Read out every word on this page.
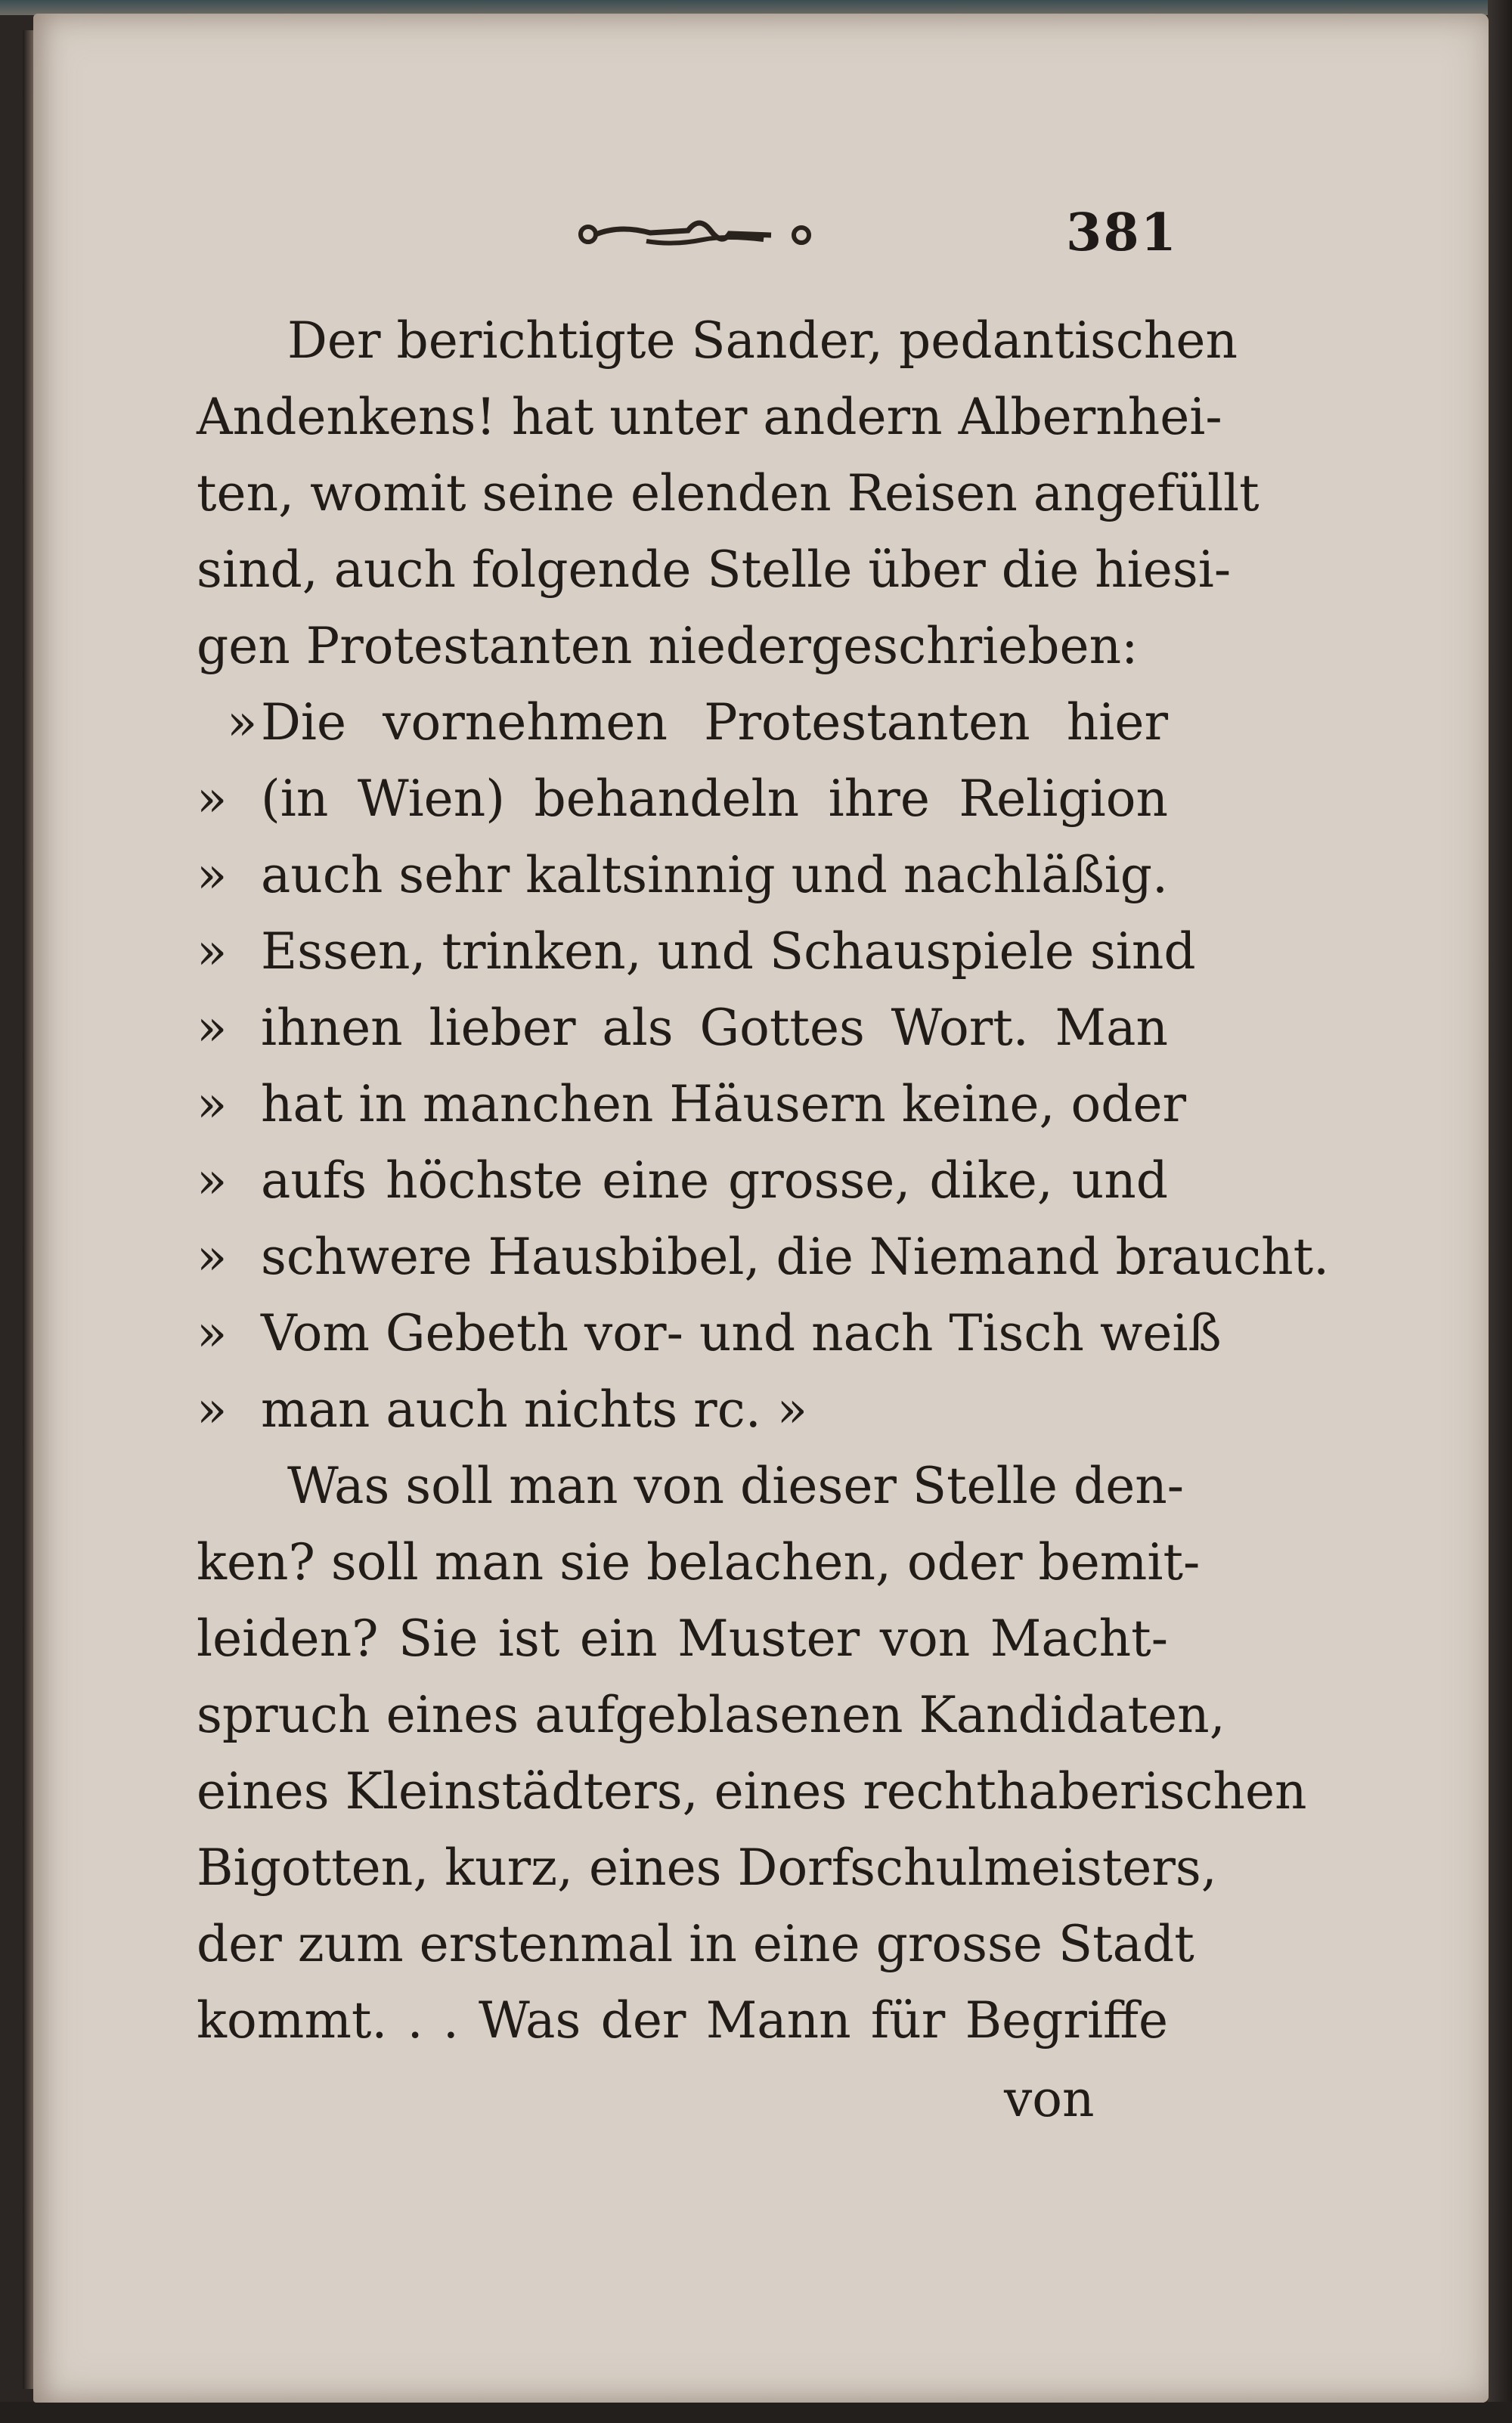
381
Der berichtigte Sander, pedantischen
Andenkens! hat unter andern Albernhei-
ten, womit seine elenden Reisen angefüllt
sind, auch folgende Stelle über die hiesi-
gen Protestanten niedergeschrieben:
» Die vornehmen Protestanten hier
» (in Wien) behandeln ihre Religion
» auch sehr kaltsinnig und nachläßig.
» Essen, trinken, und Schauspiele sind
» ihnen lieber als Gottes Wort. Man
» hat in manchen Häusern keine, oder
» aufs höchste eine grosse, dike, und
» schwere Hausbibel, die Niemand braucht.
» Vom Gebeth vor- und nach Tisch weiß
» man auch nichts rc. »
Was soll man von dieser Stelle den-
ken? soll man sie belachen, oder bemit-
leiden? Sie ist ein Muster von Macht-
spruch eines aufgeblasenen Kandidaten,
eines Kleinstädters, eines rechthaberischen
Bigotten, kurz, eines Dorfschulmeisters,
der zum erstenmal in eine grosse Stadt
kommt. . . Was der Mann für Begriffe
von
